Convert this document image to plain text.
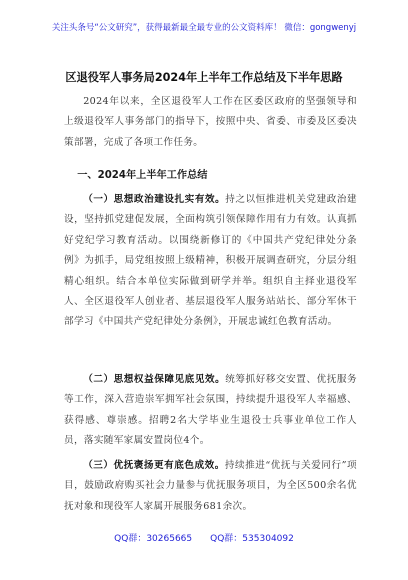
关注头条号“公文研究”，获得最新最全最专业的公文资料库！ 微信：gongwenyj
区退役军人事务局2024年上半年工作总结及下半年思路

2024年以来，全区退役军人工作在区委区政府的坚强领导和上级退役军人事务部门的指导下，按照中央、省委、市委及区委决策部署，完成了各项工作任务。

一、2024年上半年工作总结

（一）思想政治建设扎实有效。持之以恒推进机关党建政治建设，坚持抓党建促发展，全面构筑引领保障作用有力有效。认真抓好党纪学习教育活动。以围绕新修订的《中国共产党纪律处分条例》为抓手，局党组按照上级精神，积极开展调查研究，分层分组精心组织。结合本单位实际做到研学并举。组织自主择业退役军人、全区退役军人创业者、基层退役军人服务站站长、部分军休干部学习《中国共产党纪律处分条例》，开展忠诚红色教育活动。

（二）思想权益保障见底见效。统筹抓好移交安置、优抚服务等工作，深入营造崇军拥军社会氛围，持续提升退役军人幸福感、获得感、尊崇感。招聘2名大学毕业生退役士兵事业单位工作人员，落实随军家属安置岗位4个。

（三）优抚褒扬更有底色成效。持续推进“优抚与关爱同行”项目，鼓励政府购买社会力量参与优抚服务项目，为全区500余名优抚对象和现役军人家属开展服务681余次。

QQ群：30265665 QQ群：535304092
